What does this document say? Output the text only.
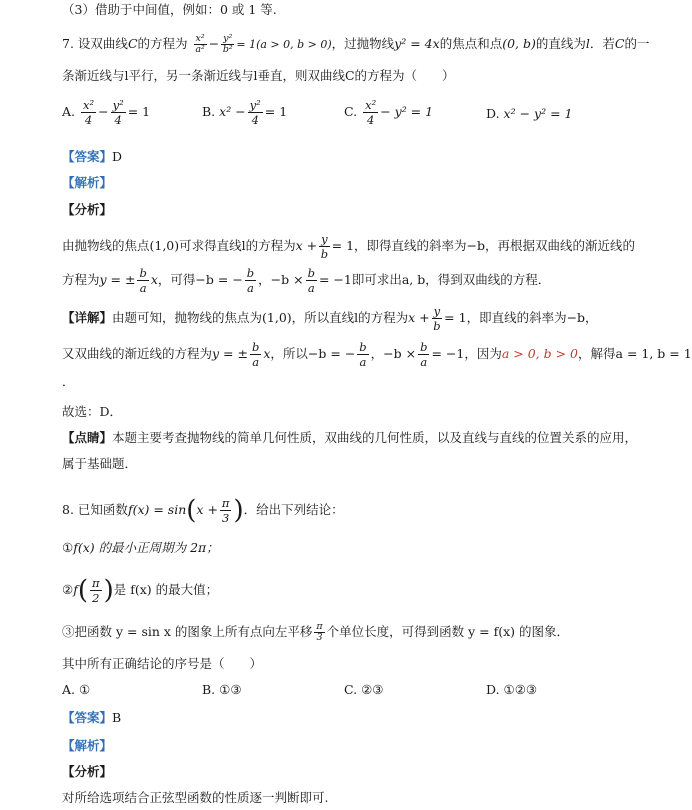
（3）借助于中间值，例如：0 或 1 等.
7. 设双曲线C的方程为 $\frac{\text{x²}}{\text{a²}} - \frac{\text{y²}}{\text{b²}} = 1(a > 0$, b > 0)，过抛物线y² = 4x的焦点和点(0, b)的直线为l．若C的一
条渐近线与l平行，另一条渐近线与l垂直，则双曲线C的方程为（　　）
A. $\frac{\text{x²}}{4} - \frac{\text{y²}}{4} = 1$	B. $x^2 - \frac{\text{y²}}{4} = 1$	C. $\frac{\text{x²}}{4} - y^2 = 1$	D. x² − y² = 1
【答案】D
【解析】
【分析】
由抛物线的焦点(1,0)可求得直线l的方程为$x + \frac{y}{b} = 1$，即得直线的斜率为−b，再根据双曲线的渐近线的
方程为y = ± $\frac{b}{a}$ x，可得−b = − $\frac{b}{a}$ ，$-b \times \frac{b}{a} = -1$即可求出a, b，得到双曲线的方程．
【详解】由题可知，抛物线的焦点为(1,0)，所以直线l的方程为$x + \frac{y}{b} = 1$，即直线的斜率为−b，
又双曲线的渐近线的方程为y = ± $\frac{b}{a}$ x，所以−b = − $\frac{b}{a}$ ，$-b \times \frac{b}{a} = -1$，因为a > 0, b > 0，解得a = 1, b = 1
．
故选：D．
【点睛】本题主要考查抛物线的简单几何性质，双曲线的几何性质，以及直线与直线的位置关系的应用，
属于基础题．
8. 已知函数$f(x) = \sin(x + \frac{\pi}{3}$ )．给出下列结论：
①f(x) 的最小正周期为 2π；
②f( $\frac{\pi}{2}$ )是 f(x) 的最大值；
③把函数 y = sin x 的图象上所有点向左平移 $\frac{\pi}{3}$ 个单位长度，可得到函数 y = f(x) 的图象．
其中所有正确结论的序号是（　　）
A. ①	B. ①③	C. ②③	D. ①②③
【答案】B
【解析】
【分析】
对所给选项结合正弦型函数的性质逐一判断即可.
